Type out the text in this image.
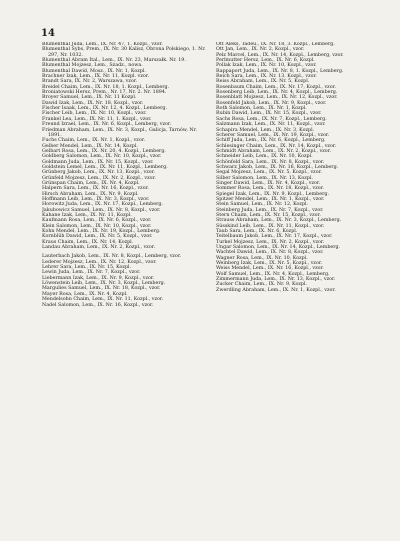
14
Blumenthal Juda, Lem., IX. Nr. 47, 1. Kozpl., vzor.
Blumenthal Sybs, Prem., IX. Nr. 30 Kalisz, Obrona Polskiego, 1. Nr. 297, Nr. 1032.
Blumenthal Abram Ital., Lem., IX. Nr. 23, Marszałk. Nr. 19.
Blumenthal Mojzesz, Lem., Szadz., nowa.
Blumenthal Dawid, Mosz., IX. Nr. 1, Kozpl.
Brachner Izak, Lem., IX. Nr. 11, Kozpl. vzor.
Brandt Sara, IX. Nr. 2, Warszawa, vzor.
Breidel Chaim, Lem., IX. Nr. 18, 1. Kozpl., Lemberg.
Broniatowski Hersz, Prem., Nr. 17, Nr. 2. Nr. 1894.
Broyer Samuel, Lem., IX. Nr. 11 Kozpl.
Dawid Izak, Lem., IX. Nr. 18, Kozpl., vzor.
Fischer Isaak, Lem., IX. Nr. 12, 4. Kozpl., Lemberg.
Fischer Leib, Lem., IX. Nr. 10, Kozpl., vzor.
Frankel Lea, Lem., IX. Nr. 11, 1. Kozpl., vzor.
Freund Izrael, Lem., IX. Nr. 6, Kozpl., Lemberg, vzor.
Friedman Abraham, Lem., IX. Nr. 3, Kozpl., Galicja, Tarnów, Nr. 1891.
Fuchs Chaim, Lem., IX. Nr. 1, Kozpl., vzor.
Gelber Mendel, Lem., IX. Nr. 14, Kozpl.
Gelbart Rosa, Lem., IX. Nr. 20, 4. Kozpl., Lemberg.
Goldberg Salomon, Lem., IX. Nr. 10, Kozpl., vzor.
Goldmann Juda, Lem., IX. Nr. 15, Kozpl., vzor.
Goldstein Lemel, Lem., IX. Nr. 11, Kozpl., Lemberg.
Grünberg Jakob, Lem., IX. Nr. 13, Kozpl., vzor.
Grünfeld Mojzesz, Lem., IX. Nr. 2, Kozpl., vzor.
Grünspan Chaim, Lem., IX. Nr. 4, Kozpl.
Halpern Sara, Lem., IX. Nr. 16, Kozpl., vzor.
Hirsch Abraham, Lem., IX. Nr. 9, Kozpl.
Hoffmann Leib, Lem., IX. Nr. 3, Kozpl., vzor.
Horowitz Juda, Lem., IX. Nr. 17, Kozpl., Lemberg.
Jakubowicz Samuel, Lem., IX. Nr. 8, Kozpl., vzor.
Kahane Izak, Lem., IX. Nr. 11, Kozpl.
Kaufmann Rosa, Lem., IX. Nr. 6, Kozpl., vzor.
Klein Salomon, Lem., IX. Nr. 10, Kozpl., vzor.
Kohn Mendel, Lem., IX. Nr. 19, Kozpl., Lemberg.
Kornblüh Dawid, Lem., IX. Nr. 5, Kozpl., vzor.
Kraus Chaim, Lem., IX. Nr. 14, Kozpl.
Landau Abraham, Lem., IX. Nr. 2, Kozpl., vzor.
Lauterbach Jakob, Lem., IX. Nr. 8, Kozpl., Lemberg, vzor.
Lederer Mojzesz, Lem., IX. Nr. 12, Kozpl., vzor.
Lehrer Sara, Lem., IX. Nr. 15, Kozpl.
Lewin Juda, Lem., IX. Nr. 7, Kozpl., vzor.
Liebermann Izak, Lem., IX. Nr. 9, Kozpl., vzor.
Löwenstein Leib, Lem., IX. Nr. 3, Kozpl., Lemberg.
Margulies Samuel, Lem., IX. Nr. 18, Kozpl., vzor.
Mayer Rosa, Lem., IX. Nr. 4, Kozpl.
Mendelsohn Chaim, Lem., IX. Nr. 11, Kozpl., vzor.
Nadel Salomon, Lem., IX. Nr. 16, Kozpl., vzor.
Ott Aleks, Tadeu., IX. Nr. 18, 3. Kozpl., Lemberg.
Ott Jan, Lem., IX. Nr. 2, Kozpl., vzor.
Pelz Marcel, Lem., IX. Nr. 14, Kozpl., Lemberg, vzor.
Perlmutter Hersz, Lem., IX. Nr. 6, Kozpl.
Pollak Izak, Lem., IX. Nr. 10, Kozpl., vzor.
Rappaport Juda, Lem., IX. Nr. 8, 1. Kozpl., Lemberg.
Reich Sara, Lem., IX. Nr. 13, Kozpl., vzor.
Reiss Abraham, Lem., IX. Nr. 5, Kozpl.
Rosenbaum Chaim, Lem., IX. Nr. 17, Kozpl., vzor.
Rosenberg Leib, Lem., IX. Nr. 4, Kozpl., Lemberg.
Rosenblatt Mojzesz, Lem., IX. Nr. 12, Kozpl., vzor.
Rosenfeld Jakob, Lem., IX. Nr. 9, Kozpl., vzor.
Roth Salomon, Lem., IX. Nr. 1, Kozpl.
Rubin Dawid, Lem., IX. Nr. 15, Kozpl., vzor.
Sachs Rosa, Lem., IX. Nr. 7, Kozpl., Lemberg.
Salzmann Izak, Lem., IX. Nr. 11, Kozpl., vzor.
Schapira Mendel, Lem., IX. Nr. 3, Kozpl.
Scherer Samuel, Lem., IX. Nr. 19, Kozpl., vzor.
Schiff Juda, Lem., IX. Nr. 6, Kozpl., Lemberg.
Schlesinger Chaim, Lem., IX. Nr. 14, Kozpl., vzor.
Schmidt Abraham, Lem., IX. Nr. 2, Kozpl., vzor.
Schneider Leib, Lem., IX. Nr. 10, Kozpl.
Schönfeld Sara, Lem., IX. Nr. 8, Kozpl., vzor.
Schwarz Jakob, Lem., IX. Nr. 16, Kozpl., Lemberg.
Segal Mojzesz, Lem., IX. Nr. 5, Kozpl., vzor.
Silber Salomon, Lem., IX. Nr. 13, Kozpl.
Singer Dawid, Lem., IX. Nr. 4, Kozpl., vzor.
Sommer Rosa, Lem., IX. Nr. 18, Kozpl., vzor.
Spiegel Izak, Lem., IX. Nr. 9, Kozpl., Lemberg.
Spitzer Mendel, Lem., IX. Nr. 1, Kozpl., vzor.
Stein Samuel, Lem., IX. Nr. 12, Kozpl.
Steinberg Juda, Lem., IX. Nr. 7, Kozpl., vzor.
Stern Chaim, Lem., IX. Nr. 15, Kozpl., vzor.
Strauss Abraham, Lem., IX. Nr. 3, Kozpl., Lemberg.
Süsskind Leib, Lem., IX. Nr. 11, Kozpl., vzor.
Taub Sara, Lem., IX. Nr. 6, Kozpl.
Teitelbaum Jakob, Lem., IX. Nr. 17, Kozpl., vzor.
Turkel Mojzesz, Lem., IX. Nr. 2, Kozpl., vzor.
Ungar Salomon, Lem., IX. Nr. 14, Kozpl., Lemberg.
Wachtel Dawid, Lem., IX. Nr. 8, Kozpl., vzor.
Wagner Rosa, Lem., IX. Nr. 10, Kozpl.
Weinberg Izak, Lem., IX. Nr. 5, Kozpl., vzor.
Weiss Mendel, Lem., IX. Nr. 16, Kozpl., vzor.
Wolf Samuel, Lem., IX. Nr. 4, Kozpl., Lemberg.
Zimmermann Juda, Lem., IX. Nr. 13, Kozpl., vzor.
Zucker Chaim, Lem., IX. Nr. 9, Kozpl.
Zwerdling Abraham, Lem., IX. Nr. 1, Kozpl., vzor.
